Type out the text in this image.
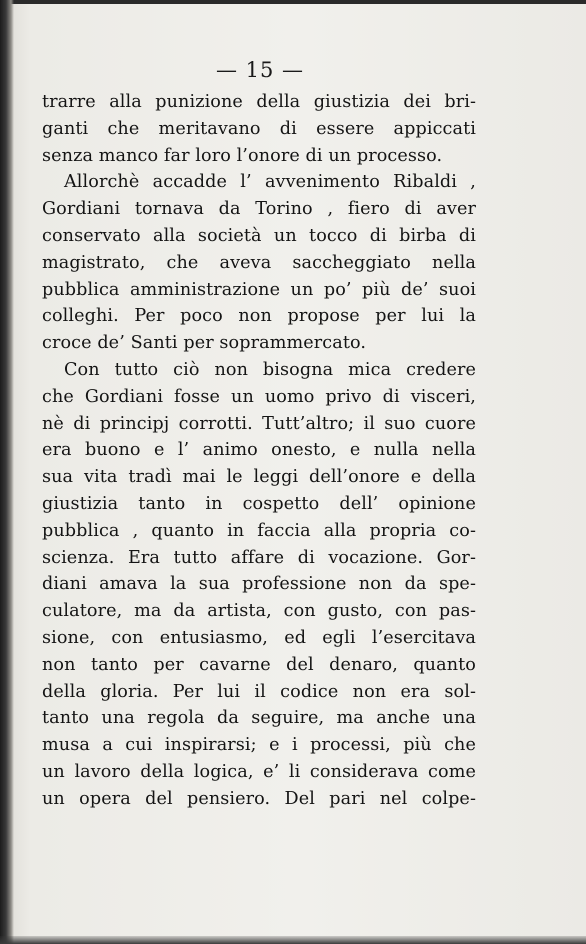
— 15 —
trarre alla punizione della giustizia dei bri-
ganti che meritavano di essere appiccati
senza manco far loro l’onore di un processo.
Allorchè accadde l’ avvenimento Ribaldi ,
Gordiani tornava da Torino , fiero di aver
conservato alla società un tocco di birba di
magistrato, che aveva saccheggiato nella
pubblica amministrazione un po’ più de’ suoi
colleghi. Per poco non propose per lui la
croce de’ Santi per soprammercato.
Con tutto ciò non bisogna mica credere
che Gordiani fosse un uomo privo di visceri,
nè di principj corrotti. Tutt’altro; il suo cuore
era buono e l’ animo onesto, e nulla nella
sua vita tradì mai le leggi dell’onore e della
giustizia tanto in cospetto dell’ opinione
pubblica , quanto in faccia alla propria co-
scienza. Era tutto affare di vocazione. Gor-
diani amava la sua professione non da spe-
culatore, ma da artista, con gusto, con pas-
sione, con entusiasmo, ed egli l’esercitava
non tanto per cavarne del denaro, quanto
della gloria. Per lui il codice non era sol-
tanto una regola da seguire, ma anche una
musa a cui inspirarsi; e i processi, più che
un lavoro della logica, e’ li considerava come
un opera del pensiero. Del pari nel colpe-
